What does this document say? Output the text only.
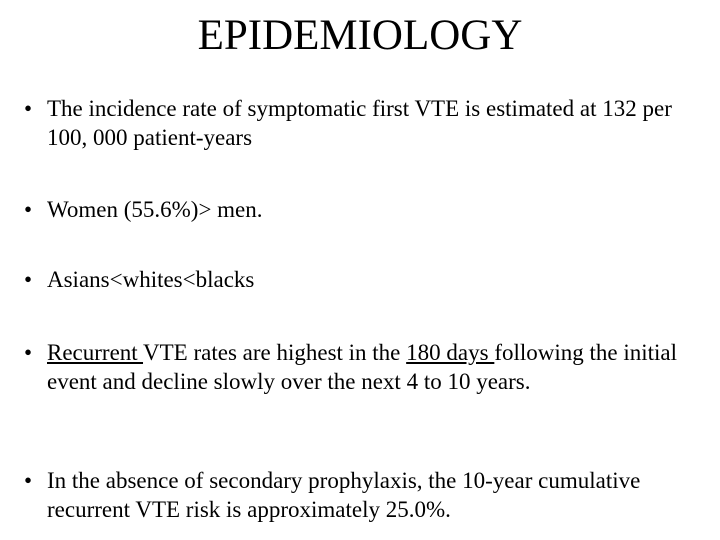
EPIDEMIOLOGY
• The incidence rate of symptomatic first VTE is estimated at 132 per 100, 000 patient-years
• Women (55.6%)> men.
• Asians<whites<blacks
• Recurrent VTE rates are highest in the 180 days following the initial event and decline slowly over the next 4 to 10 years.
• In the absence of secondary prophylaxis, the 10-year cumulative recurrent VTE risk is approximately 25.0%.
